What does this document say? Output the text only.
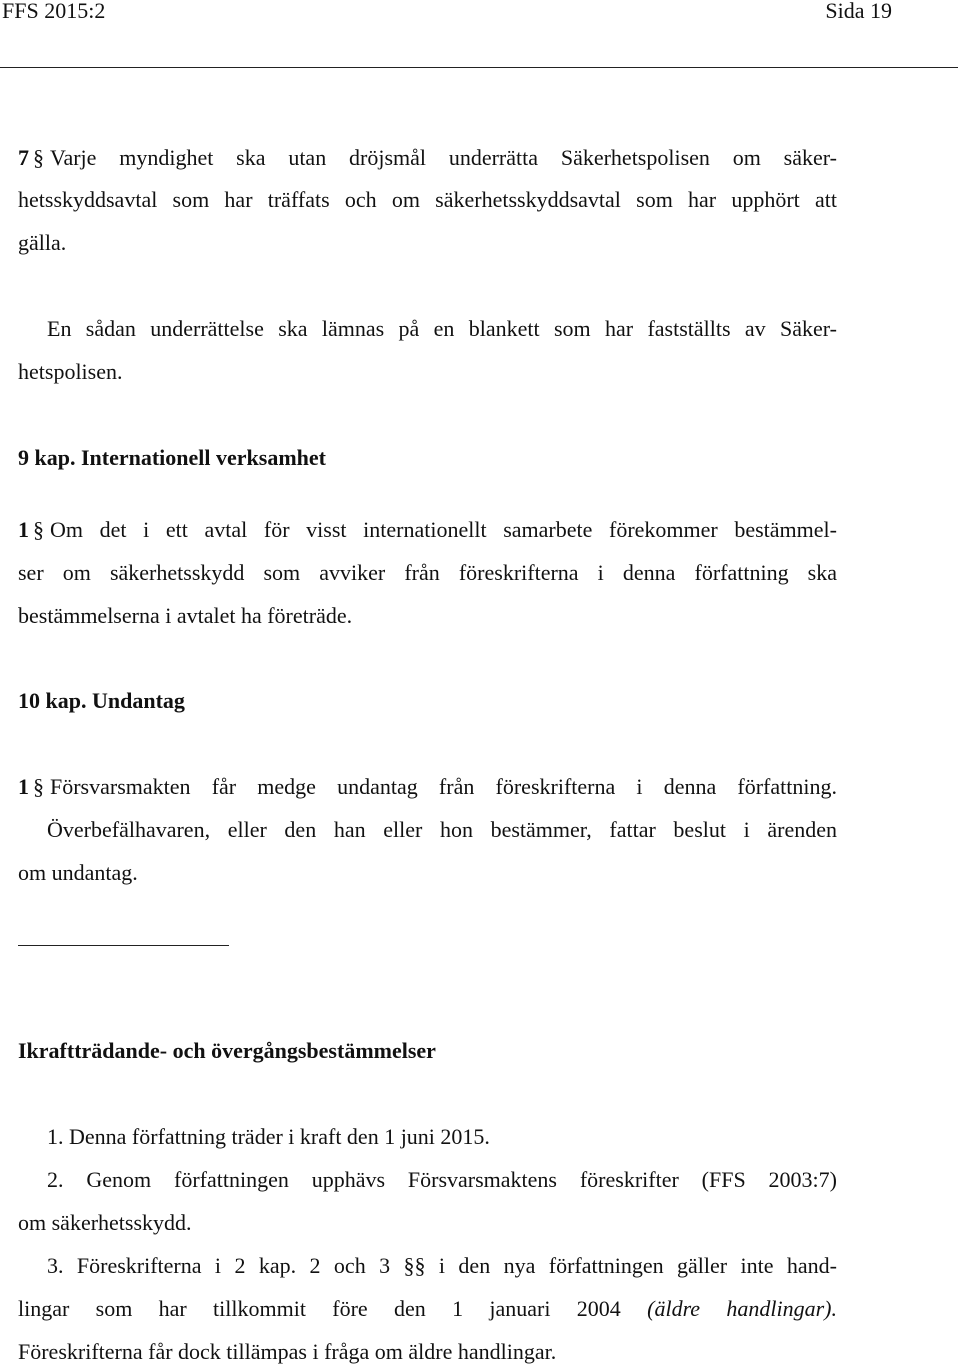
FFS 2015:2	Sida 19
7 § Varje myndighet ska utan dröjsmål underrätta Säkerhetspolisen om säker-
hetsskyddsavtal som har träffats och om säkerhetsskyddsavtal som har upphört att
gälla.
En sådan underrättelse ska lämnas på en blankett som har fastställts av Säker-
hetspolisen.
9 kap. Internationell verksamhet
1 § Om det i ett avtal för visst internationellt samarbete förekommer bestämmel-
ser om säkerhetsskydd som avviker från föreskrifterna i denna författning ska
bestämmelserna i avtalet ha företräde.
10 kap. Undantag
1 § Försvarsmakten får medge undantag från föreskrifterna i denna författning.
Överbefälhavaren, eller den han eller hon bestämmer, fattar beslut i ärenden
om undantag.
Ikraftträdande- och övergångsbestämmelser
1. Denna författning träder i kraft den 1 juni 2015.
2. Genom författningen upphävs Försvarsmaktens föreskrifter (FFS 2003:7)
om säkerhetsskydd.
3. Föreskrifterna i 2 kap. 2 och 3 §§ i den nya författningen gäller inte hand-
lingar som har tillkommit före den 1 januari 2004 (äldre handlingar).
Föreskrifterna får dock tillämpas i fråga om äldre handlingar.
